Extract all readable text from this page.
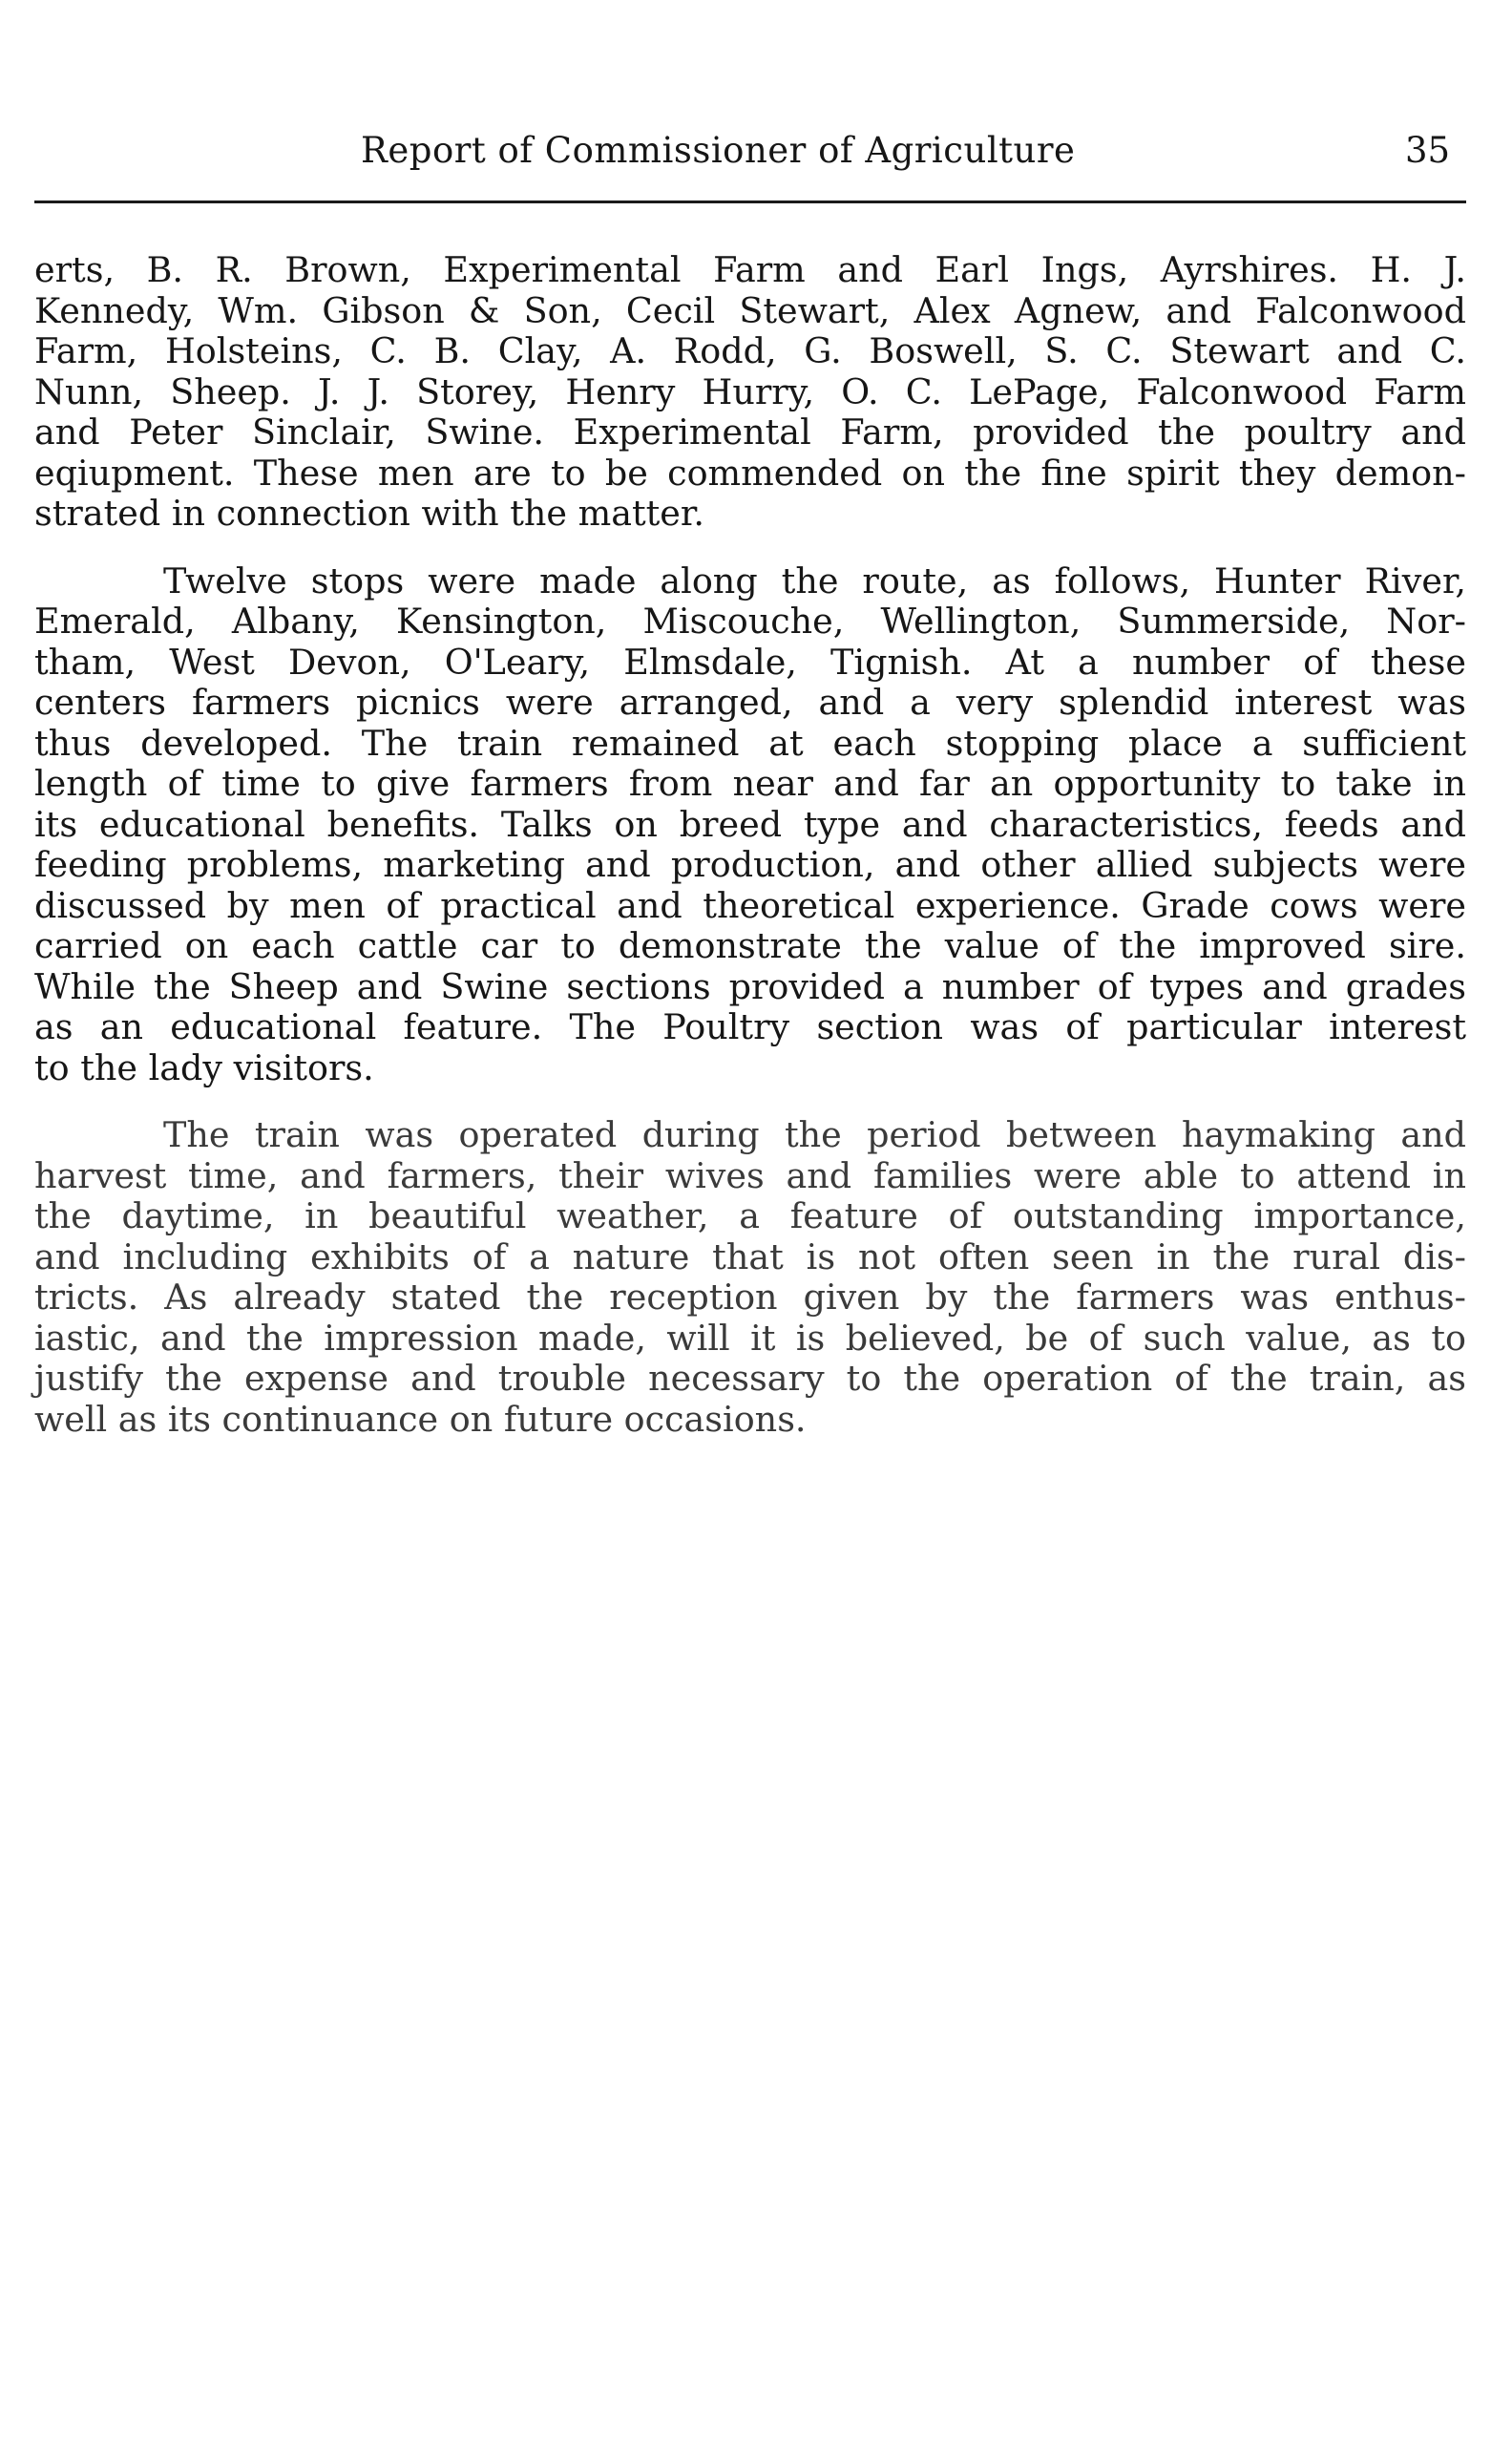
Report of Commissioner of Agriculture	35

erts, B. R. Brown, Experimental Farm and Earl Ings, Ayrshires. H. J.
Kennedy, Wm. Gibson & Son, Cecil Stewart, Alex Agnew, and Falconwood
Farm, Holsteins, C. B. Clay, A. Rodd, G. Boswell, S. C. Stewart and C.
Nunn, Sheep. J. J. Storey, Henry Hurry, O. C. LePage, Falconwood Farm
and Peter Sinclair, Swine. Experimental Farm, provided the poultry and
eqiupment. These men are to be commended on the fine spirit they demon-
strated in connection with the matter.

Twelve stops were made along the route, as follows, Hunter River,
Emerald, Albany, Kensington, Miscouche, Wellington, Summerside, Nor-
tham, West Devon, O'Leary, Elmsdale, Tignish. At a number of these
centers farmers picnics were arranged, and a very splendid interest was
thus developed. The train remained at each stopping place a sufficient
length of time to give farmers from near and far an opportunity to take in
its educational benefits. Talks on breed type and characteristics, feeds and
feeding problems, marketing and production, and other allied subjects were
discussed by men of practical and theoretical experience. Grade cows were
carried on each cattle car to demonstrate the value of the improved sire.
While the Sheep and Swine sections provided a number of types and grades
as an educational feature. The Poultry section was of particular interest
to the lady visitors.

The train was operated during the period between haymaking and
harvest time, and farmers, their wives and families were able to attend in
the daytime, in beautiful weather, a feature of outstanding importance,
and including exhibits of a nature that is not often seen in the rural dis-
tricts. As already stated the reception given by the farmers was enthus-
iastic, and the impression made, will it is believed, be of such value, as to
justify the expense and trouble necessary to the operation of the train, as
well as its continuance on future occasions.
